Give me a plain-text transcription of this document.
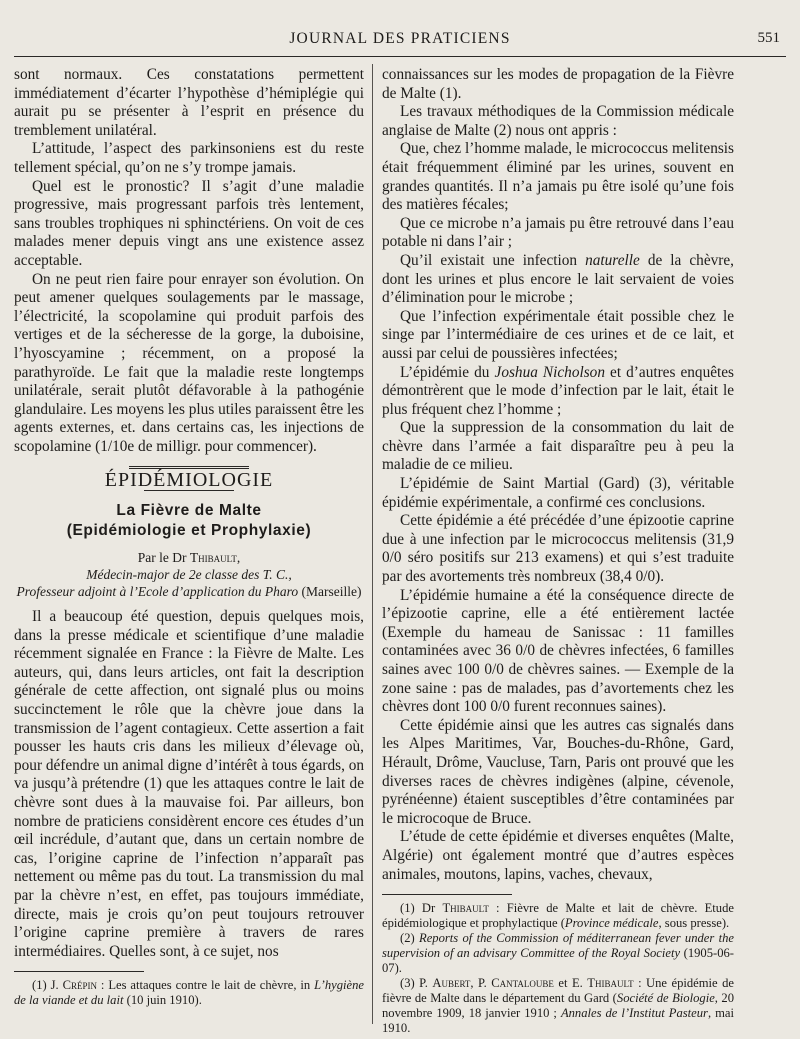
JOURNAL DES PRATICIENS	551

sont normaux. Ces constatations permettent immédiatement d’écarter l’hypothèse d’hémiplégie qui aurait pu se présenter à l’esprit en présence du tremblement unilatéral.

L’attitude, l’aspect des parkinsoniens est du reste tellement spécial, qu’on ne s’y trompe jamais.

Quel est le pronostic? Il s’agit d’une maladie progressive, mais progressant parfois très lentement, sans troubles trophiques ni sphinctériens. On voit de ces malades mener depuis vingt ans une existence assez acceptable.

On ne peut rien faire pour enrayer son évolution. On peut amener quelques soulagements par le massage, l’électricité, la scopolamine qui produit parfois des vertiges et de la sécheresse de la gorge, la duboisine, l’hyoscyamine ; récemment, on a proposé la parathyroïde. Le fait que la maladie reste longtemps unilatérale, serait plutôt défavorable à la pathogénie glandulaire. Les moyens les plus utiles paraissent être les agents externes, et. dans certains cas, les injections de scopolamine (1/10e de milligr. pour commencer).

ÉPIDÉMIOLOGIE

La Fièvre de Malte
(Epidémiologie et Prophylaxie)
Par le Dr Thibault,
Médecin-major de 2e classe des T. C.,
Professeur adjoint à l’Ecole d’application du Pharo (Marseille)

Il a beaucoup été question, depuis quelques mois, dans la presse médicale et scientifique d’une maladie récemment signalée en France : la Fièvre de Malte. Les auteurs, qui, dans leurs articles, ont fait la description générale de cette affection, ont signalé plus ou moins succinctement le rôle que la chèvre joue dans la transmission de l’agent contagieux. Cette assertion a fait pousser les hauts cris dans les milieux d’élevage où, pour défendre un animal digne d’intérêt à tous égards, on va jusqu’à prétendre (1) que les attaques contre le lait de chèvre sont dues à la mauvaise foi. Par ailleurs, bon nombre de praticiens considèrent encore ces études d’un œil incrédule, d’autant que, dans un certain nombre de cas, l’origine caprine de l’infection n’apparaît pas nettement ou même pas du tout. La transmission du mal par la chèvre n’est, en effet, pas toujours immédiate, directe, mais je crois qu’on peut toujours retrouver l’origine caprine première à travers de rares intermédiaires. Quelles sont, à ce sujet, nos

(1) J. Crépin : Les attaques contre le lait de chèvre, in L’hygiène de la viande et du lait (10 juin 1910).

connaissances sur les modes de propagation de la Fièvre de Malte (1).

Les travaux méthodiques de la Commission médicale anglaise de Malte (2) nous ont appris :

Que, chez l’homme malade, le micrococcus melitensis était fréquemment éliminé par les urines, souvent en grandes quantités. Il n’a jamais pu être isolé qu’une fois des matières fécales;

Que ce microbe n’a jamais pu être retrouvé dans l’eau potable ni dans l’air ;

Qu’il existait une infection naturelle de la chèvre, dont les urines et plus encore le lait servaient de voies d’élimination pour le microbe ;

Que l’infection expérimentale était possible chez le singe par l’intermédiaire de ces urines et de ce lait, et aussi par celui de poussières infectées;

L’épidémie du Joshua Nicholson et d’autres enquêtes démontrèrent que le mode d’infection par le lait, était le plus fréquent chez l’homme ;

Que la suppression de la consommation du lait de chèvre dans l’armée a fait disparaître peu à peu la maladie de ce milieu.

L’épidémie de Saint Martial (Gard) (3), véritable épidémie expérimentale, a confirmé ces conclusions.

Cette épidémie a été précédée d’une épizootie caprine due à une infection par le micrococcus melitensis (31,9 0/0 séro positifs sur 213 examens) et qui s’est traduite par des avortements très nombreux (38,4 0/0).

L’épidémie humaine a été la conséquence directe de l’épizootie caprine, elle a été entièrement lactée (Exemple du hameau de Sanissac : 11 familles contaminées avec 36 0/0 de chèvres infectées, 6 familles saines avec 100 0/0 de chèvres saines. — Exemple de la zone saine : pas de malades, pas d’avortements chez les chèvres dont 100 0/0 furent reconnues saines).

Cette épidémie ainsi que les autres cas signalés dans les Alpes Maritimes, Var, Bouches-du-Rhône, Gard, Hérault, Drôme, Vaucluse, Tarn, Paris ont prouvé que les diverses races de chèvres indigènes (alpine, cévenole, pyrénéenne) étaient susceptibles d’être contaminées par le microcoque de Bruce.

L’étude de cette épidémie et diverses enquêtes (Malte, Algérie) ont également montré que d’autres espèces animales, moutons, lapins, vaches, chevaux,

(1) Dr Thibault : Fièvre de Malte et lait de chèvre. Etude épidémiologique et prophylactique (Province médicale, sous presse).

(2) Reports of the Commission of méditerranean fever under the supervision of an advisary Committee of the Royal Society (1905-06-07).

(3) P. Aubert, P. Cantaloube et E. Thibault : Une épidémie de fièvre de Malte dans le département du Gard (Société de Biologie, 20 novembre 1909, 18 janvier 1910 ; Annales de l’Institut Pasteur, mai 1910.
